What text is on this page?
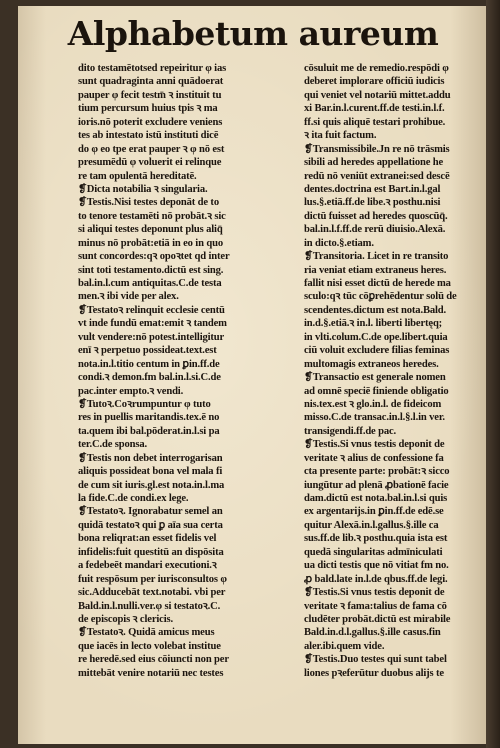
Alphabetum aureum
dito testamētotsed repeiritur φ ias
sunt quadraginta anni quādoerat
pauper φ fecit testm̄ ꝛ instituit tu
tium percursum huius tpis ꝛ ma
ioris.nō poterit excludere veniens
tes ab intestato istū instituti dicē
do φ eo tpe erat pauper ꝛ φ nō est
presumēdū φ voluerit ei relinque
re tam opulentā hereditatē.
❡Dicta notabilia ꝛ singularia.
❡Testis.Nisi testes deponāt de to
to tenore testamēti nō probāt.ꝛ sic
si aliqui testes deponunt plus aliq̄
minus nō probāt:etiā in eo in quo
sunt concordes:qꝛ opoꝛtet qd inter
sint toti testamento.dictū est sing.
bal.in.l.cum antiquitas.C.de testa
men.ꝛ ibi vide per alex.
❡Testatoꝛ relinquit ecclesie centū
vt inde fundū emat:emit ꝛ tandem
vult vendere:nō potest.intelligitur
enī ꝛ perpetuo possideat.text.est
nota.in.l.titio centum in ꝑin.ff.de
condi.ꝛ demon.fm bal.in.l.si.C.de
pac.inter empto.ꝛ vendi.
❡Tutoꝛ.Coꝛrumpuntur φ tuto
res in puellis maritandis.tex.ē no
ta.quem ibi bal.pōderat.in.l.si pa
ter.C.de sponsa.
❡Testis non debet interrogarisan
aliquis possideat bona vel mala fi
de cum sit iuris.gl.est nota.in.l.ma
la fide.C.de condi.ex lege.
❡Testatoꝛ. Ignorabatur semel an
quidā testatoꝛ qui ꝑ aīa sua certa
bona reliqrat:an esset fidelis vel
infidelis:fuit questitū an dispōsita
a fedebeēt mandari executioni.ꝛ
fuit respōsum per iurisconsultos φ
sic.Adducebāt text.notabi. vbi per
Bald.in.l.nulli.ver.φ si testatoꝛ.C.
de episcopis ꝛ clericis.
❡Testatoꝛ. Quidā amicus meus
que iacēs in lecto volebat institue
re heredē.sed eius cōiuncti non per
mittebāt venire notariū nec testes
cōsuluit me de remedio.respōdi φ
deberet implorare officiū iudicis
qui veniet vel notariū mittet.addu
xi Bar.in.l.curent.ff.de testi.in.l.f.
ff.si quis aliquē testari prohibue.
ꝛ ita fuit factum.
❡Transmissibile.Jn re nō trāsmis
sibili ad heredes appellatione he
redū nō veniūt extranei:sed descē
dentes.doctrina est Bart.in.l.gal
lus.§.etiā.ff.de libe.ꝛ posthu.nisi
dictū fuisset ad heredes quoscūq̄.
bal.in.l.f.ff.de rerū diuisio.Alexā.
in dicto.§.etiam.
❡Transitoria. Licet in re transito
ria veniat etiam extraneus heres.
fallit nisi esset dictū de herede ma
sculo:qꝛ tūc cōꝑrehēdentur solū de
scendentes.dictum est nota.Bald.
in.d.§.etiā.ꝛ in.l. liberti libertęq;
in vlti.colum.C.de ope.libert.quia
ciū voluit excludere filias feminas
multomagis extraneos heredes.
❡Transactio est generale nomen
ad omnē speciē finiende obligatio
nis.tex.est ꝛ glo.in.l. de fideicom
misso.C.de transac.in.l.§.l.in ver.
transigendi.ff.de pac.
❡Testis.Si vnus testis deponit de
veritate ꝛ alius de confessione fa
cta presente parte: probāt:ꝛ sicco
iungūtur ad plenā ꝓbationē facie
dam.dictū est nota.bal.in.l.si quis
ex argentarijs.in ꝑin.ff.de edē.se
quitur Alexā.in.l.gallus.§.ille ca
sus.ff.de lib.ꝛ posthu.quia ista est
quedā singularitas admīniculati
ua dicti testis que nō vitiat fm no.
ꝓ bald.late in.l.de qbus.ff.de legi.
❡Testis.Si vnus testis deponit de
veritate ꝛ fama:talius de fama cō
cludēter probāt.dictū est mirabile
Bald.in.d.l.gallus.§.ille casus.fin
aler.ibi.quem vide.
❡Testis.Duo testes qui sunt tabel
liones pꝛeferūtur duobus alijs te
